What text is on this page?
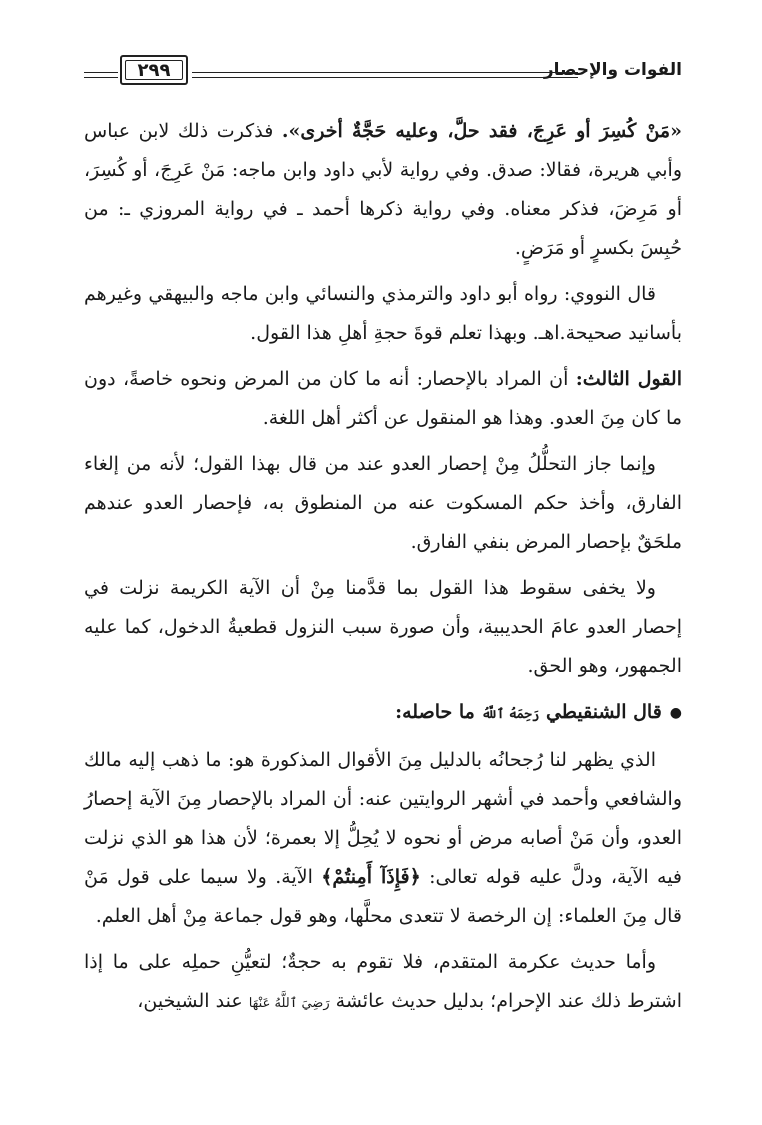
الفوات والإحصار
٢٩٩

«مَنْ كُسِرَ أو عَرِجَ، فقد حلَّ، وعليه حَجَّةٌ أخرى». فذكرت ذلك لابن عباس وأبي هريرة، فقالا: صدق. وفي رواية لأبي داود وابن ماجه: مَنْ عَرِجَ، أو كُسِرَ، أو مَرِضَ، فذكر معناه. وفي رواية ذكرها أحمد ـ في رواية المروزي ـ: من حُبِسَ بكسرٍ أو مَرَضٍ.

قال النووي: رواه أبو داود والترمذي والنسائي وابن ماجه والبيهقي وغيرهم بأسانيد صحيحة.اهـ. وبهذا تعلم قوةَ حجةِ أهلِ هذا القول.

القول الثالث: أن المراد بالإحصار: أنه ما كان من المرض ونحوه خاصةً، دون ما كان مِنَ العدو. وهذا هو المنقول عن أكثر أهل اللغة.

وإنما جاز التحلُّلُ مِنْ إحصار العدو عند من قال بهذا القول؛ لأنه من إلغاء الفارق، وأخذ حكم المسكوت عنه من المنطوق به، فإحصار العدو عندهم ملحَقٌ بإحصار المرض بنفي الفارق.

ولا يخفى سقوط هذا القول بما قدَّمنا مِنْ أن الآية الكريمة نزلت في إحصار العدو عامَ الحديبية، وأن صورة سبب النزول قطعيةُ الدخول، كما عليه الجمهور، وهو الحق.

●قال الشنقيطي رَحِمَهُ ٱللَّهُ ما حاصله:

الذي يظهر لنا رُجحانُه بالدليل مِنَ الأقوال المذكورة هو: ما ذهب إليه مالك والشافعي وأحمد في أشهر الروايتين عنه: أن المراد بالإحصار مِنَ الآية إحصارُ العدو، وأن مَنْ أصابه مرض أو نحوه لا يُحِلُّ إلا بعمرة؛ لأن هذا هو الذي نزلت فيه الآية، ودلَّ عليه قوله تعالى: ﴿فَإِذَآ أَمِنتُمْ﴾ الآية. ولا سيما على قول مَنْ قال مِنَ العلماء: إن الرخصة لا تتعدى محلَّها، وهو قول جماعة مِنْ أهل العلم.

وأما حديث عكرمة المتقدم، فلا تقوم به حجةٌ؛ لتعيُّنِ حملِه على ما إذا اشترط ذلك عند الإحرام؛ بدليل حديث عائشة رَضِيَ ٱللَّهُ عَنْهَا عند الشيخين،
